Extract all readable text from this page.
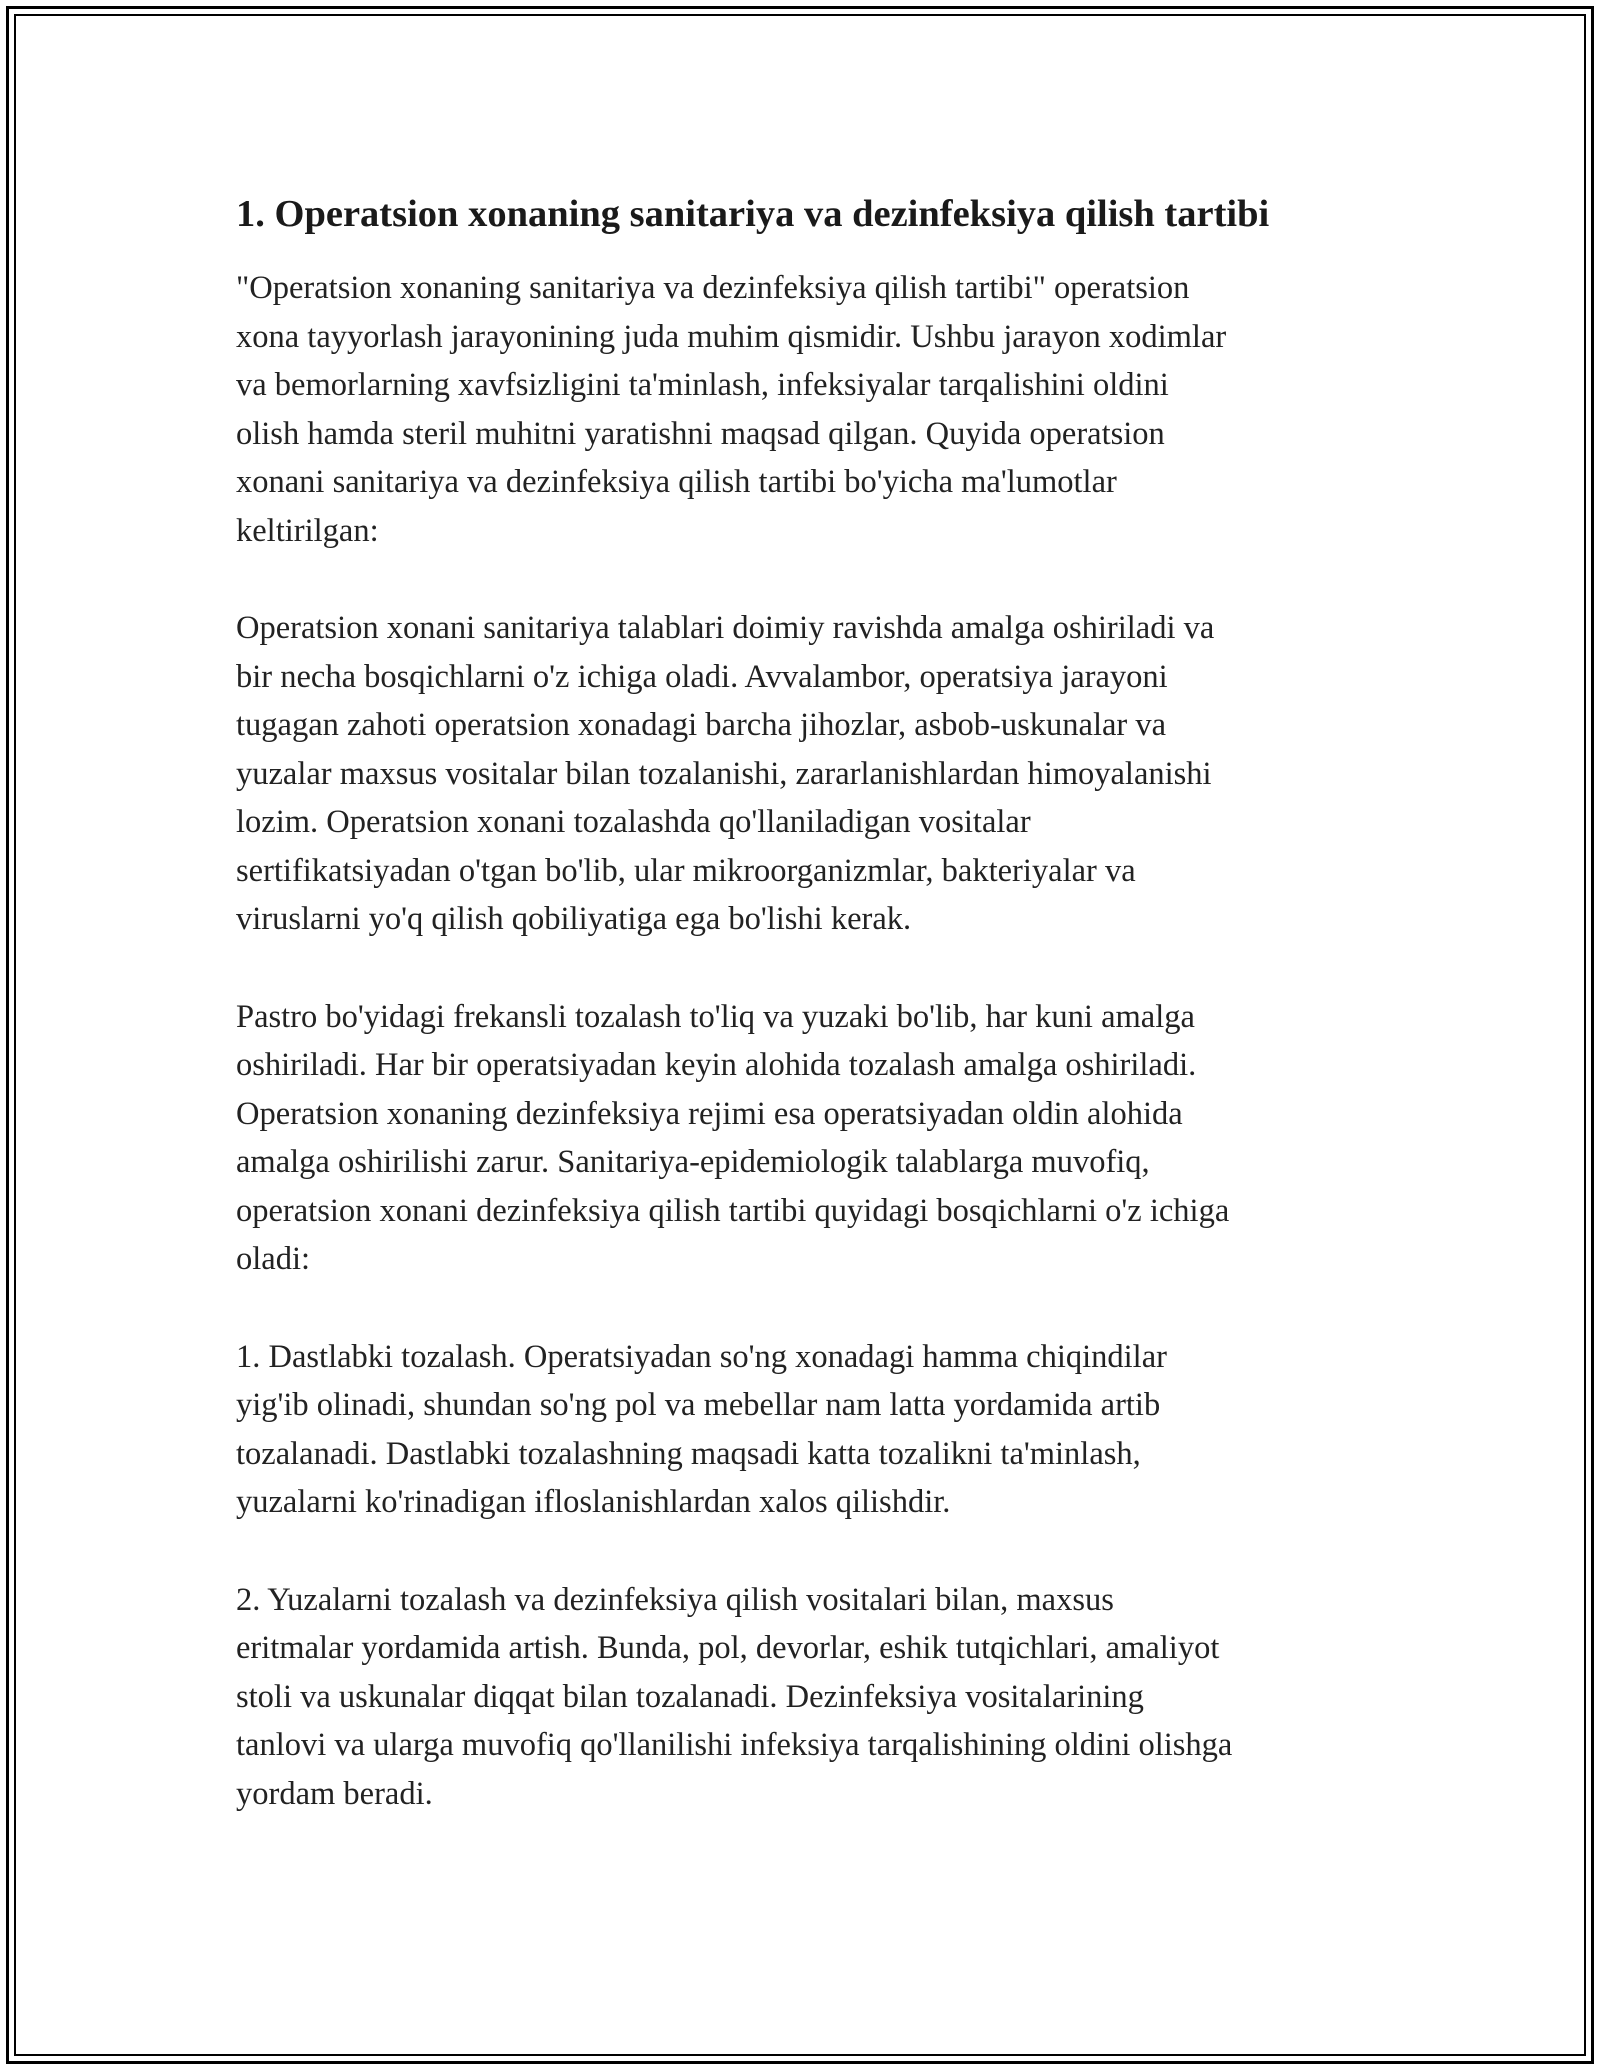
1. Operatsion xonaning sanitariya va dezinfeksiya qilish tartibi
"Operatsion xonaning sanitariya va dezinfeksiya qilish tartibi" operatsion
xona tayyorlash jarayonining juda muhim qismidir. Ushbu jarayon xodimlar
va bemorlarning xavfsizligini ta'minlash, infeksiyalar tarqalishini oldini
olish hamda steril muhitni yaratishni maqsad qilgan. Quyida operatsion
xonani sanitariya va dezinfeksiya qilish tartibi bo'yicha ma'lumotlar
keltirilgan:
Operatsion xonani sanitariya talablari doimiy ravishda amalga oshiriladi va
bir necha bosqichlarni o'z ichiga oladi. Avvalambor, operatsiya jarayoni
tugagan zahoti operatsion xonadagi barcha jihozlar, asbob-uskunalar va
yuzalar maxsus vositalar bilan tozalanishi, zararlanishlardan himoyalanishi
lozim. Operatsion xonani tozalashda qo'llaniladigan vositalar
sertifikatsiyadan o'tgan bo'lib, ular mikroorganizmlar, bakteriyalar va
viruslarni yo'q qilish qobiliyatiga ega bo'lishi kerak.
Pastro bo'yidagi frekansli tozalash to'liq va yuzaki bo'lib, har kuni amalga
oshiriladi. Har bir operatsiyadan keyin alohida tozalash amalga oshiriladi.
Operatsion xonaning dezinfeksiya rejimi esa operatsiyadan oldin alohida
amalga oshirilishi zarur. Sanitariya-epidemiologik talablarga muvofiq,
operatsion xonani dezinfeksiya qilish tartibi quyidagi bosqichlarni o'z ichiga
oladi:
1. Dastlabki tozalash. Operatsiyadan so'ng xonadagi hamma chiqindilar
yig'ib olinadi, shundan so'ng pol va mebellar nam latta yordamida artib
tozalanadi. Dastlabki tozalashning maqsadi katta tozalikni ta'minlash,
yuzalarni ko'rinadigan ifloslanishlardan xalos qilishdir.
2. Yuzalarni tozalash va dezinfeksiya qilish vositalari bilan, maxsus
eritmalar yordamida artish. Bunda, pol, devorlar, eshik tutqichlari, amaliyot
stoli va uskunalar diqqat bilan tozalanadi. Dezinfeksiya vositalarining
tanlovi va ularga muvofiq qo'llanilishi infeksiya tarqalishining oldini olishga
yordam beradi.
